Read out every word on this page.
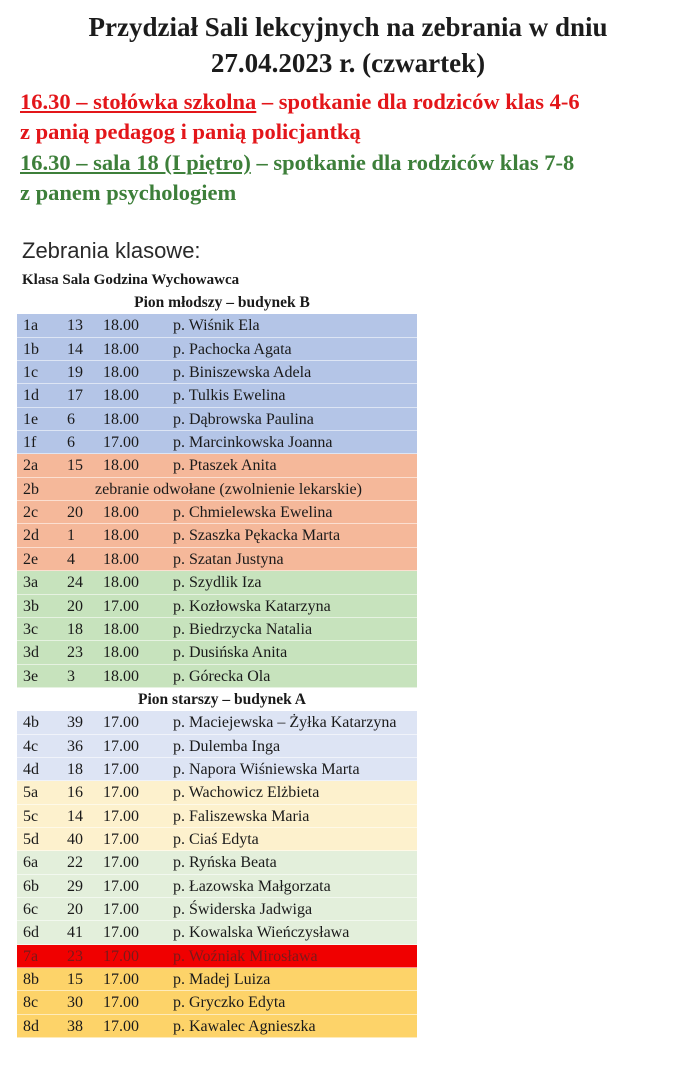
Przydział Sali lekcyjnych na zebrania w dniu
27.04.2023 r. (czwartek)
16.30 – stołówka szkolna – spotkanie dla rodziców klas 4-6
z panią pedagog i panią policjantką
16.30 – sala 18 (I piętro) – spotkanie dla rodziców klas 7-8
z panem psychologiem
Zebrania klasowe:
Klasa Sala Godzina Wychowawca
Pion młodszy – budynek B
1a 13 18.00 p. Wiśnik Ela
1b 14 18.00 p. Pachocka Agata
1c 19 18.00 p. Biniszewska Adela
1d 17 18.00 p. Tulkis Ewelina
1e 6 18.00 p. Dąbrowska Paulina
1f 6 17.00 p. Marcinkowska Joanna
2a 15 18.00 p. Ptaszek Anita
2b	zebranie odwołane (zwolnienie lekarskie)
2c 20 18.00 p. Chmielewska Ewelina
2d 1 18.00 p. Szaszka Pękacka Marta
2e 4 18.00 p. Szatan Justyna
3a 24 18.00 p. Szydlik Iza
3b 20 17.00 p. Kozłowska Katarzyna
3c 18 18.00 p. Biedrzycka Natalia
3d 23 18.00 p. Dusińska Anita
3e 3 18.00 p. Górecka Ola
Pion starszy – budynek A
4b 39 17.00 p. Maciejewska – Żyłka Katarzyna
4c 36 17.00 p. Dulemba Inga
4d 18 17.00 p. Napora Wiśniewska Marta
5a 16 17.00 p. Wachowicz Elżbieta
5c 14 17.00 p. Faliszewska Maria
5d 40 17.00 p. Ciaś Edyta
6a 22 17.00 p. Ryńska Beata
6b 29 17.00 p. Łazowska Małgorzata
6c 20 17.00 p. Świderska Jadwiga
6d 41 17.00 p. Kowalska Wieńczysława
7a 23 17.00 p. Woźniak Mirosława
8b 15 17.00 p. Madej Luiza
8c 30 17.00 p. Gryczko Edyta
8d 38 17.00 p. Kawalec Agnieszka
